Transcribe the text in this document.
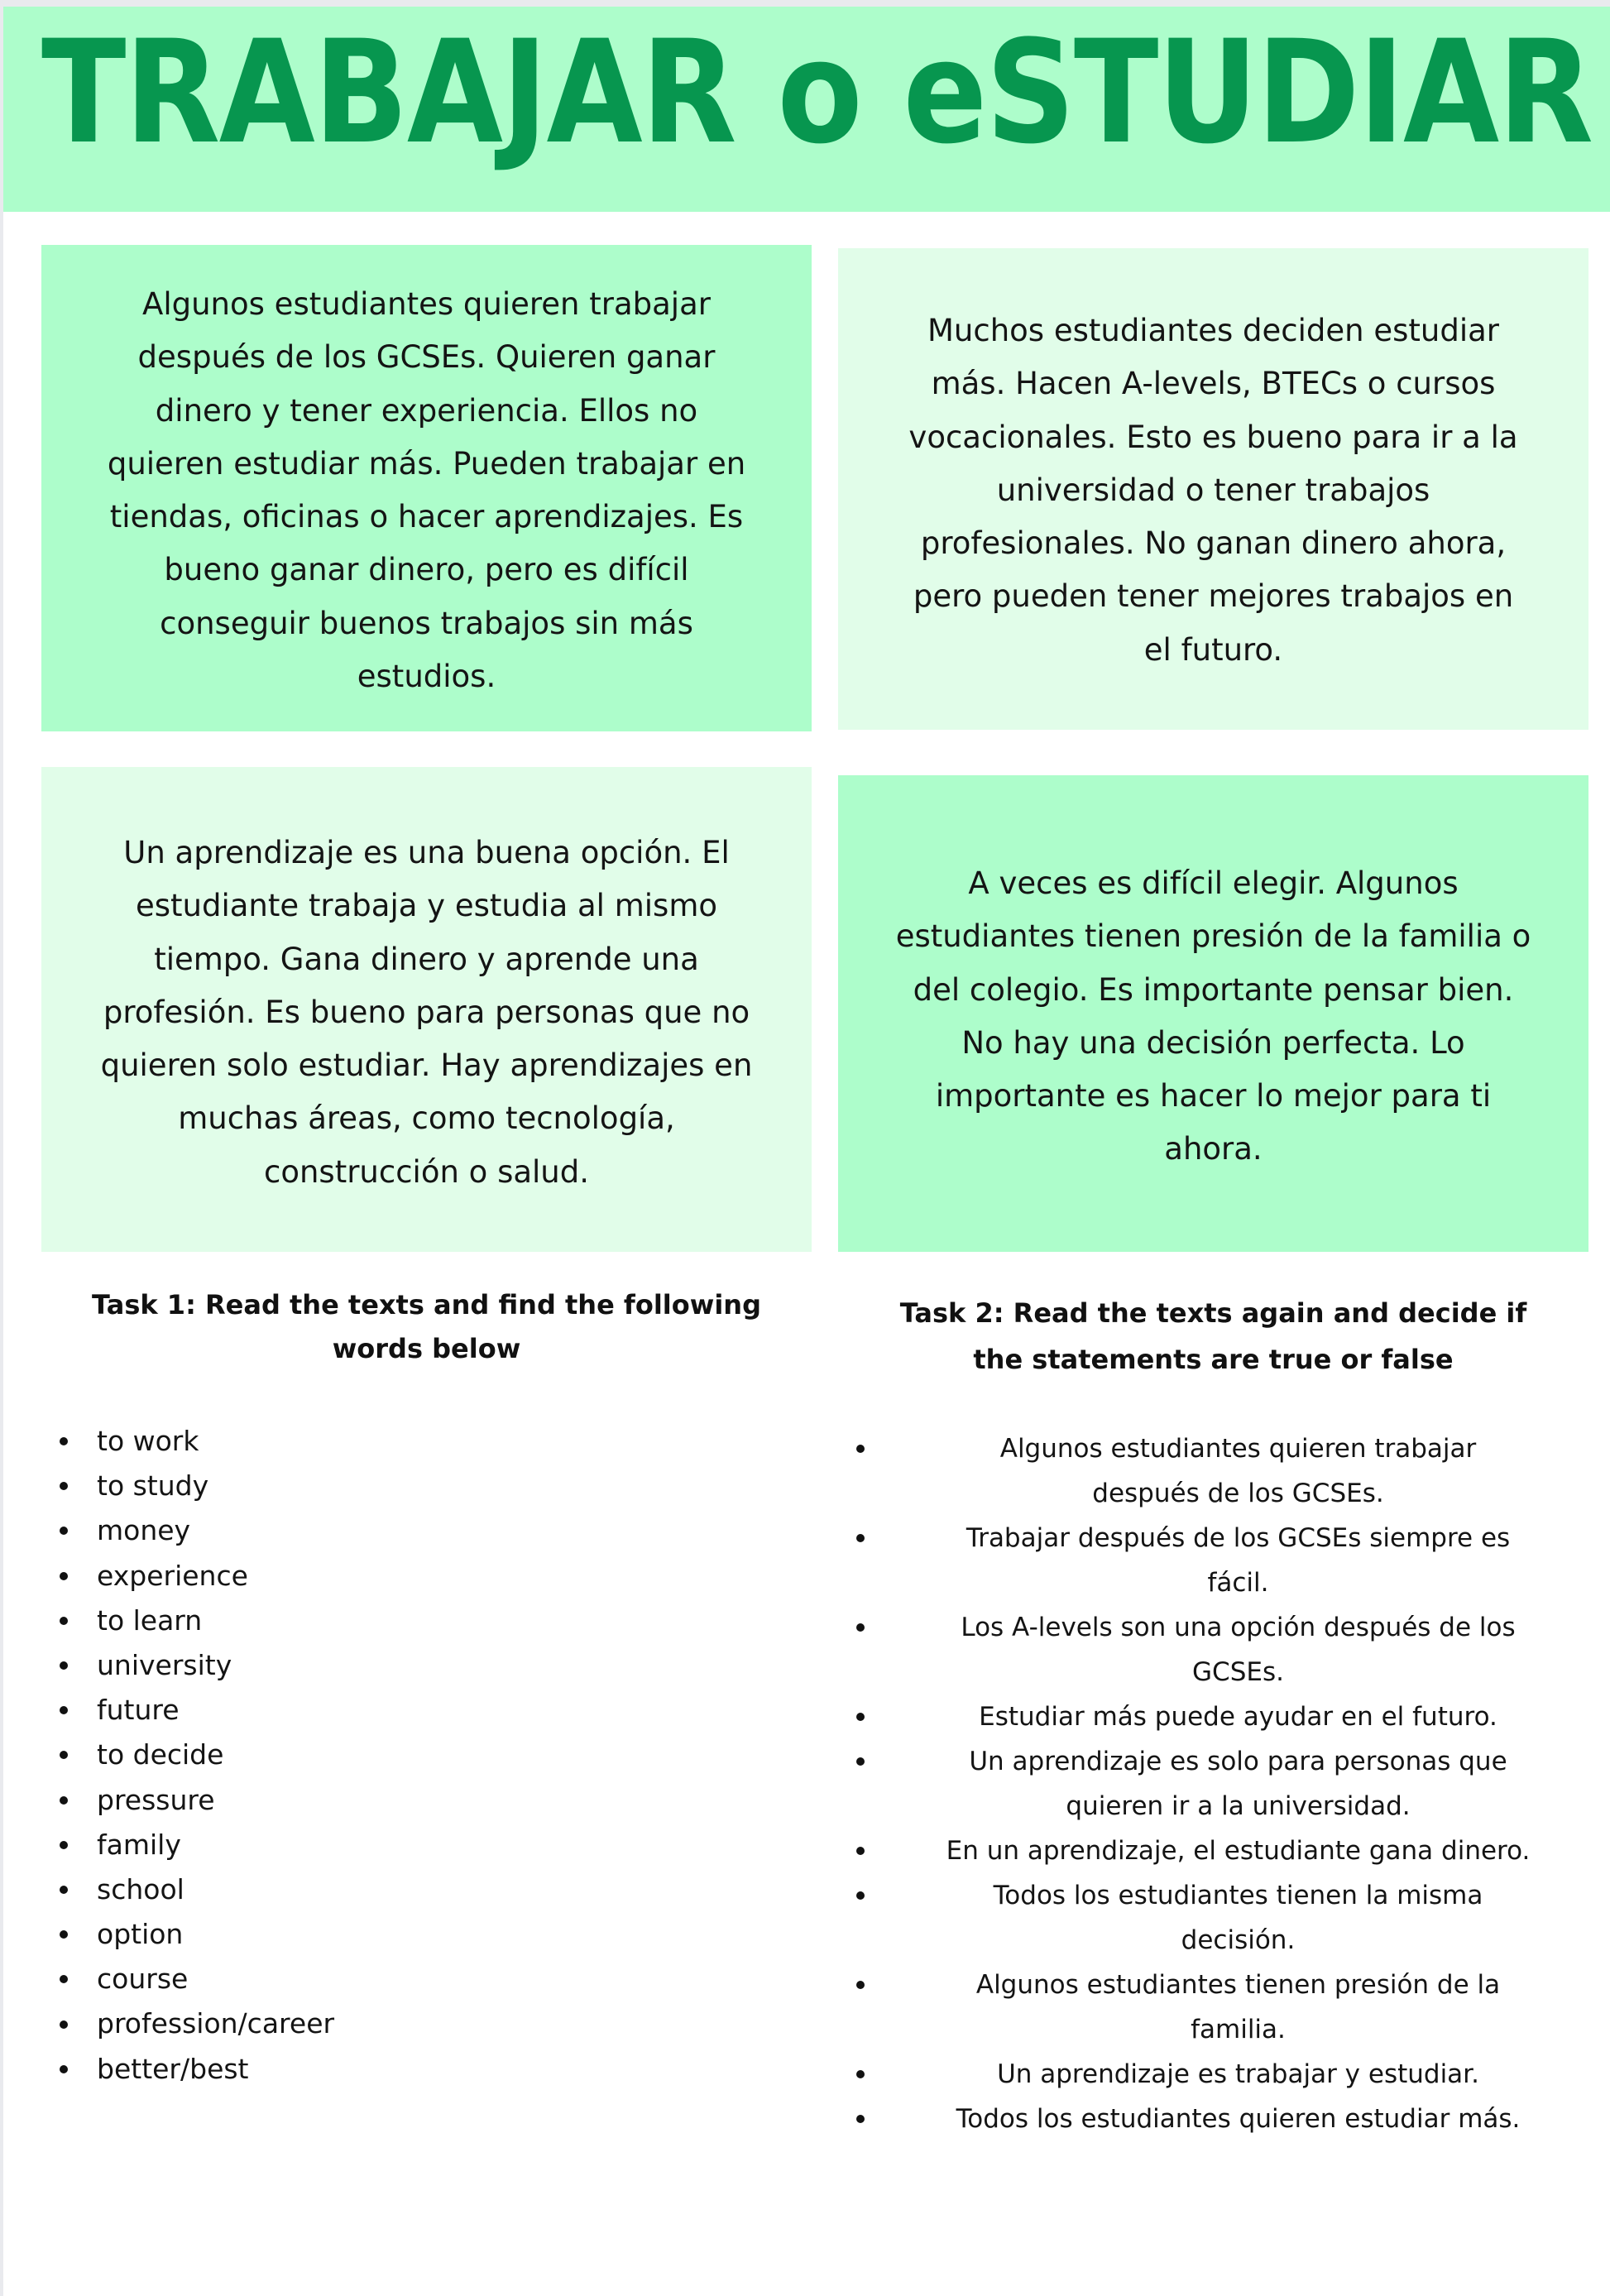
TRABAJAR o eSTUDIAR
Algunos estudiantes quieren trabajar
después de los GCSEs. Quieren ganar
dinero y tener experiencia. Ellos no
quieren estudiar más. Pueden trabajar en
tiendas, oficinas o hacer aprendizajes. Es
bueno ganar dinero, pero es difícil
conseguir buenos trabajos sin más
estudios.
Muchos estudiantes deciden estudiar
más. Hacen A-levels, BTECs o cursos
vocacionales. Esto es bueno para ir a la
universidad o tener trabajos
profesionales. No ganan dinero ahora,
pero pueden tener mejores trabajos en
el futuro.
Un aprendizaje es una buena opción. El
estudiante trabaja y estudia al mismo
tiempo. Gana dinero y aprende una
profesión. Es bueno para personas que no
quieren solo estudiar. Hay aprendizajes en
muchas áreas, como tecnología,
construcción o salud.
A veces es difícil elegir. Algunos
estudiantes tienen presión de la familia o
del colegio. Es importante pensar bien.
No hay una decisión perfecta. Lo
importante es hacer lo mejor para ti
ahora.
Task 1: Read the texts and find the following
words below
to work
to study
money
experience
to learn
university
future
to decide
pressure
family
school
option
course
profession/career
better/best
Task 2: Read the texts again and decide if
the statements are true or false
Algunos estudiantes quieren trabajar
después de los GCSEs.
Trabajar después de los GCSEs siempre es
fácil.
Los A-levels son una opción después de los
GCSEs.
Estudiar más puede ayudar en el futuro.
Un aprendizaje es solo para personas que
quieren ir a la universidad.
En un aprendizaje, el estudiante gana dinero.
Todos los estudiantes tienen la misma
decisión.
Algunos estudiantes tienen presión de la
familia.
Un aprendizaje es trabajar y estudiar.
Todos los estudiantes quieren estudiar más.
